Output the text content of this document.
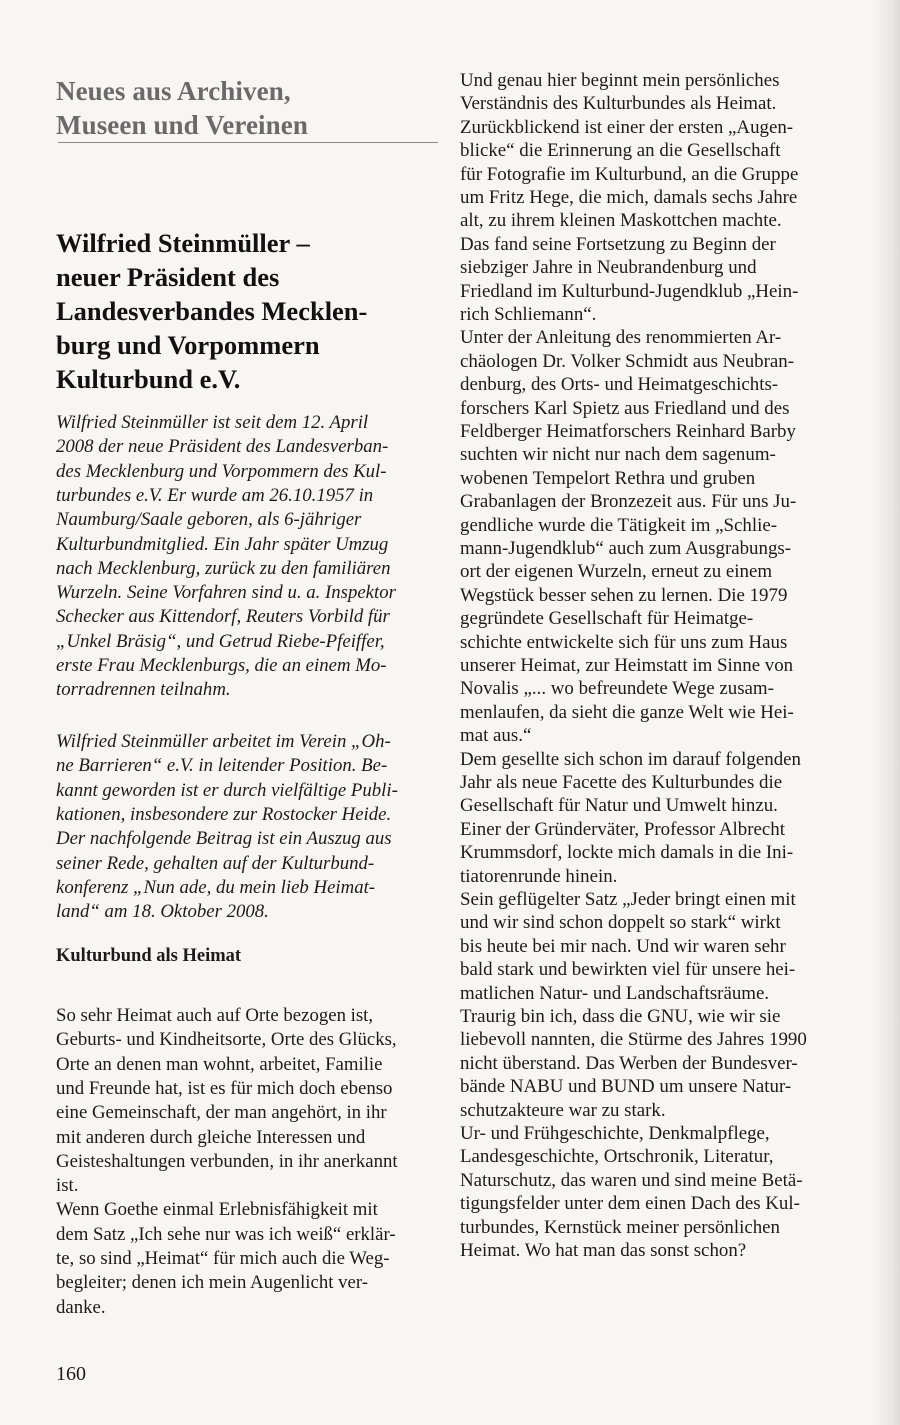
Neues aus Archiven,
Museen und Vereinen
Wilfried Steinmüller –
neuer Präsident des
Landesverbandes Mecklen-
burg und Vorpommern
Kulturbund e.V.
Wilfried Steinmüller ist seit dem 12. April
2008 der neue Präsident des Landesverban-
des Mecklenburg und Vorpommern des Kul-
turbundes e.V. Er wurde am 26.10.1957 in
Naumburg/Saale geboren, als 6-jähriger
Kulturbundmitglied. Ein Jahr später Umzug
nach Mecklenburg, zurück zu den familiären
Wurzeln. Seine Vorfahren sind u. a. Inspektor
Schecker aus Kittendorf, Reuters Vorbild für
„Unkel Bräsig“, und Getrud Riebe-Pfeiffer,
erste Frau Mecklenburgs, die an einem Mo-
torradrennen teilnahm.
Wilfried Steinmüller arbeitet im Verein „Oh-
ne Barrieren“ e.V. in leitender Position. Be-
kannt geworden ist er durch vielfältige Publi-
kationen, insbesondere zur Rostocker Heide.
Der nachfolgende Beitrag ist ein Auszug aus
seiner Rede, gehalten auf der Kulturbund-
konferenz „Nun ade, du mein lieb Heimat-
land“ am 18. Oktober 2008.
Kulturbund als Heimat
So sehr Heimat auch auf Orte bezogen ist,
Geburts- und Kindheitsorte, Orte des Glücks,
Orte an denen man wohnt, arbeitet, Familie
und Freunde hat, ist es für mich doch ebenso
eine Gemeinschaft, der man angehört, in ihr
mit anderen durch gleiche Interessen und
Geisteshaltungen verbunden, in ihr anerkannt
ist.
Wenn Goethe einmal Erlebnisfähigkeit mit
dem Satz „Ich sehe nur was ich weiß“ erklär-
te, so sind „Heimat“ für mich auch die Weg-
begleiter; denen ich mein Augenlicht ver-
danke.
160
Und genau hier beginnt mein persönliches
Verständnis des Kulturbundes als Heimat.
Zurückblickend ist einer der ersten „Augen-
blicke“ die Erinnerung an die Gesellschaft
für Fotografie im Kulturbund, an die Gruppe
um Fritz Hege, die mich, damals sechs Jahre
alt, zu ihrem kleinen Maskottchen machte.
Das fand seine Fortsetzung zu Beginn der
siebziger Jahre in Neubrandenburg und
Friedland im Kulturbund-Jugendklub „Hein-
rich Schliemann“.
Unter der Anleitung des renommierten Ar-
chäologen Dr. Volker Schmidt aus Neubran-
denburg, des Orts- und Heimatgeschichts-
forschers Karl Spietz aus Friedland und des
Feldberger Heimatforschers Reinhard Barby
suchten wir nicht nur nach dem sagenum-
wobenen Tempelort Rethra und gruben
Grabanlagen der Bronzezeit aus. Für uns Ju-
gendliche wurde die Tätigkeit im „Schlie-
mann-Jugendklub“ auch zum Ausgrabungs-
ort der eigenen Wurzeln, erneut zu einem
Wegstück besser sehen zu lernen. Die 1979
gegründete Gesellschaft für Heimatge-
schichte entwickelte sich für uns zum Haus
unserer Heimat, zur Heimstatt im Sinne von
Novalis „... wo befreundete Wege zusam-
menlaufen, da sieht die ganze Welt wie Hei-
mat aus.“
Dem gesellte sich schon im darauf folgenden
Jahr als neue Facette des Kulturbundes die
Gesellschaft für Natur und Umwelt hinzu.
Einer der Gründerväter, Professor Albrecht
Krummsdorf, lockte mich damals in die Ini-
tiatorenrunde hinein.
Sein geflügelter Satz „Jeder bringt einen mit
und wir sind schon doppelt so stark“ wirkt
bis heute bei mir nach. Und wir waren sehr
bald stark und bewirkten viel für unsere hei-
matlichen Natur- und Landschaftsräume.
Traurig bin ich, dass die GNU, wie wir sie
liebevoll nannten, die Stürme des Jahres 1990
nicht überstand. Das Werben der Bundesver-
bände NABU und BUND um unsere Natur-
schutzakteure war zu stark.
Ur- und Frühgeschichte, Denkmalpflege,
Landesgeschichte, Ortschronik, Literatur,
Naturschutz, das waren und sind meine Betä-
tigungsfelder unter dem einen Dach des Kul-
turbundes, Kernstück meiner persönlichen
Heimat. Wo hat man das sonst schon?
